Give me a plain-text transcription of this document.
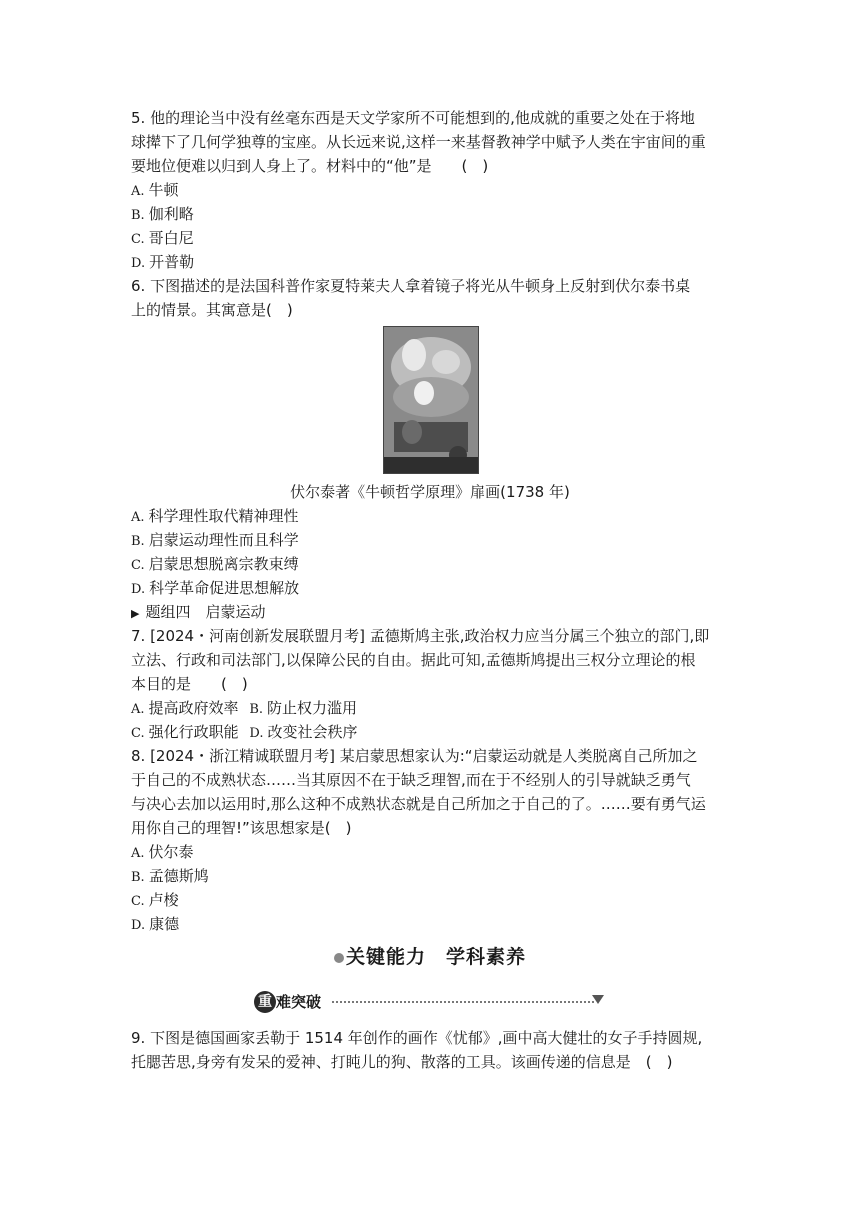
5. 他的理论当中没有丝毫东西是天文学家所不可能想到的,他成就的重要之处在于将地
球撵下了几何学独尊的宝座。从长远来说,这样一来基督教神学中赋予人类在宇宙间的重
要地位便难以归到人身上了。材料中的“他”是　　(　)
A. 牛顿
B. 伽利略
C. 哥白尼
D. 开普勒
6. 下图描述的是法国科普作家夏特莱夫人拿着镜子将光从牛顿身上反射到伏尔泰书桌
上的情景。其寓意是(　)
伏尔泰著《牛顿哲学原理》扉画(1738 年)
A. 科学理性取代精神理性
B. 启蒙运动理性而且科学
C. 启蒙思想脱离宗教束缚
D. 科学革命促进思想解放
▶ 题组四　启蒙运动
7. [2024・河南创新发展联盟月考] 孟德斯鸠主张,政治权力应当分属三个独立的部门,即
立法、行政和司法部门,以保障公民的自由。据此可知,孟德斯鸠提出三权分立理论的根
本目的是　　(　)
A. 提高政府效率 B. 防止权力滥用
C. 强化行政职能 D. 改变社会秩序
8. [2024・浙江精诚联盟月考] 某启蒙思想家认为:“启蒙运动就是人类脱离自己所加之
于自己的不成熟状态……当其原因不在于缺乏理智,而在于不经别人的引导就缺乏勇气
与决心去加以运用时,那么这种不成熟状态就是自己所加之于自己的了。……要有勇气运
用你自己的理智!”该思想家是(　)
A. 伏尔泰
B. 孟德斯鸠
C. 卢梭
D. 康德
关键能力　学科素养
重 难突破
9. 下图是德国画家丢勒于 1514 年创作的画作《忧郁》,画中高大健壮的女子手持圆规,
托腮苦思,身旁有发呆的爱神、打盹儿的狗、散落的工具。该画传递的信息是　(　)
